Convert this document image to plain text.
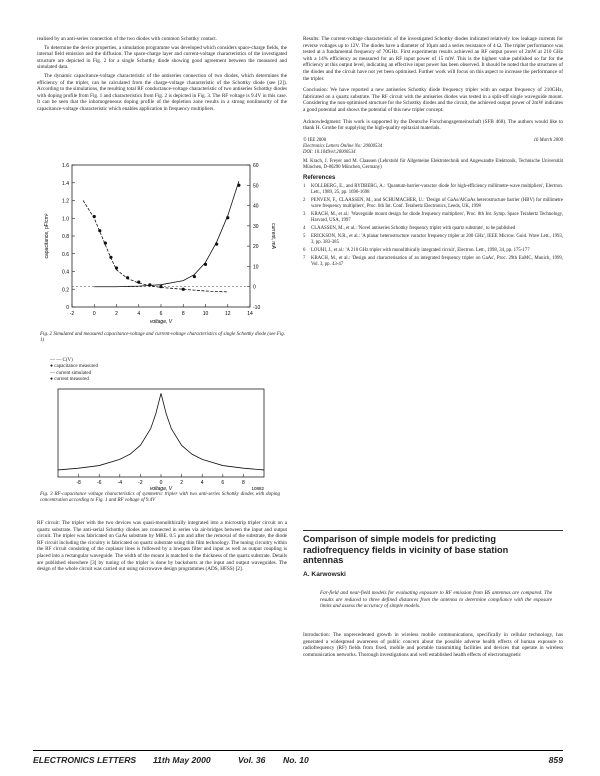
realised by an anti-series connection of the two diodes with common Schottky contact.

To determine the device properties, a simulation programme was developed which considers space-charge fields, the internal field emission and the diffusion. The space-charge layer and current-voltage characteristics of the investigated structure are depicted in Fig. 2 for a single Schottky diode showing good agreement between the measured and simulated data.

The dynamic capacitance-voltage characteristic of the antiseries connection of two diodes, which determines the efficiency of the tripler, can be calculated from the charge-voltage characteristic of the Schottky diode (see [2]). According to the simulations, the resulting total RF conductance-voltage characteristic of two antiseries Schottky diodes with doping profile from Fig. 1 and characteristics from Fig. 2 is depicted in Fig. 3. The RF voltage is 9.4V in this case. It can be seen that the inhomogeneous doping profile of the depletion zone results in a strong nonlinearity of the capacitance-voltage characteristic which enables application in frequency multipliers.

1.6
1.4
1.2
1.0
0.8
0.6
0.4
0.2
0
60
50
40
30
20
10
0
-10
-2	0	2	4	6	8	10	12	14
voltage, V
capacitance, pF/cm²	current, mA
Fig. 2 Simulated and measured capacitance-voltage and current-voltage characteristics of single Schottky diode (see Fig. 1)
— — C(V)
● capacitance measured
— current simulated
● current measured
-8	-6	-4	-2	0	2	4	6	8
voltage, V	10882
Fig. 3 RF-capacitance voltage characteristics of symmetric tripler with two anti-series Schottky diodes with doping concentration according to Fig. 1 and RF voltage of 9.4V

RF circuit: The tripler with the two devices was quasi-monolithically integrated into a microstrip tripler circuit on a quartz substrate. The anti-serial Schottky diodes are connected in series via air-bridges between the input and output circuit. The tripler was fabricated on GaAs substrate by MBE. 0.5 µm and after the removal of the substrate, the diode RF circuit including the circuitry is fabricated on quartz substrate using thin film technology. The tuning circuitry within the RF circuit consisting of the coplanar lines is followed by a lowpass filter and input as well as output coupling is placed into a rectangular waveguide. The width of the mount is matched to the thickness of the quartz substrate. Details are published elsewhere [3] by tuning of the tripler is done by backshorts at the input and output waveguides. The design of the whole circuit was carried out using microwave design programmes (ADS, HFSS) [2].

Results: The current-voltage characteristic of the investigated Schottky diodes indicated relatively low leakage currents for reverse voltages up to 12V. The diodes have a diameter of 10µm and a series resistance of 4 Ω. The tripler performance was tested at a fundamental frequency of 70GHz. First experiments results achieved an RF output power of 2mW at 210 GHz with a 14% efficiency as measured for an RF input power of 15 mW. This is the highest value published so far for the efficiency at this output level, indicating an effective input power has been observed. It should be noted that the structures of the diodes and the circuit have not yet been optimised. Further work will focus on this aspect to increase the performance of the tripler.

Conclusion: We have reported a new antiseries Schottky diode frequency tripler with an output frequency of 210GHz, fabricated on a quartz substrate. The RF circuit with the antiseries diodes was tested in a split-off single waveguide mount. Considering the non-optimised structure for the Schottky diodes and the circuit, the achieved output power of 2mW indicates a good potential and shows the potential of this new tripler concept.

Acknowledgment: This work is supported by the Deutsche Forschungsgemeinschaft (SFB 468). The authors would like to thank H. Grothe for supplying the high-quality epitaxial materials.

© IEE 2000	16 March 2000
Electronics Letters Online No: 20000534
DOI: 10.1049/el:20000534
M. Krach, J. Freyer and M. Claassen (Lehrstuhl für Allgemeine Elektrotechnik und Angewandte Elektronik, Technische Universität München, D-80290 München, Germany)
References
1	KOLLBERG, E., and RYDBERG, A.: 'Quantum-barrier-varactor diode for high-efficiency millimetre-wave multipliers', Electron. Lett., 1989, 25, pp. 1696-1698
2	PENVEN, F., CLAASSEN, M., and SCHUMACHER, U.: 'Design of GaAs/AlGaAs heterostructure barrier (HBV) for millimetre wave frequency multipliers', Proc. 6th Int. Conf. Terahertz Electronics, Leeds, UK, 1998
3	KRACH, M., et al.: 'Waveguide mount design for diode frequency multipliers', Proc. 8th Int. Symp. Space Terahertz Technology, Harvard, USA, 1997
4	CLAASSEN, M., et al.: 'Novel antiseries Schottky frequency tripler with quartz substrate', to be published
5	ERICKSON, N.R., et al.: 'A planar heterostructure varactor frequency tripler at 200 GHz', IEEE Microw. Guid. Wave Lett., 1993, 3, pp. 383-385
6	LOUHI, J., et al.: 'A 210 GHz tripler with monolithically integrated circuit', Electron. Lett., 1998, 34, pp. 175-177
7	KRACH, M., et al.: 'Design and characterisation of an integrated frequency tripler on GaAs', Proc. 29th EuMC, Munich, 1999, Vol. 3, pp. 43-47
Comparison of simple models for predicting radiofrequency fields in vicinity of base station antennas
A. Karwowski
Far-field and near-field models for evaluating exposure to RF emission from BS antennas are compared. The results are reduced to three defined distances from the antenna to determine compliance with the exposure limits and assess the accuracy of simple models.
Introduction: The unprecedented growth in wireless mobile communications, specifically in cellular technology, has generated a widespread awareness of public concern about the possible adverse health effects of human exposure to radiofrequency (RF) fields from fixed, mobile and portable transmitting facilities and devices that operate in wireless communication networks. Thorough investigations and well established health effects of electromagnetic
ELECTRONICS LETTERS 11th May 2000	Vol. 36 No. 10	859
